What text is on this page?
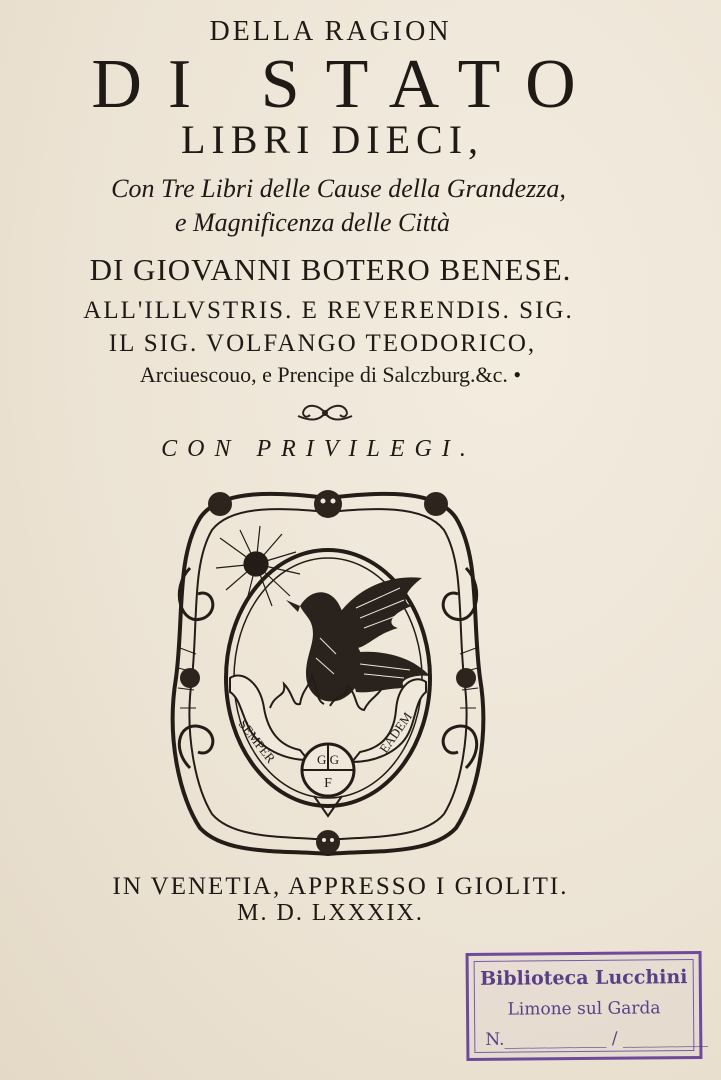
DELLA RAGION
DI STATO
LIBRI DIECI,
Con Tre Libri delle Cause della Grandezza,
e Magnificenza delle Città
DI GIOVANNI BOTERO BENESE.
ALL'ILLVSTRIS. E REVERENDIS. SIG.
IL SIG. VOLFANGO TEODORICO,
Arciuescouo, e Prencipe di Salczburg.&c. •
CON PRIVILEGI.
SEMPER	EADEM
G G
F
IN VENETIA, APPRESSO I GIOLITI.
M. D. LXXXIX.
Biblioteca Lucchini
Limone sul Garda
N.____________ / __________
